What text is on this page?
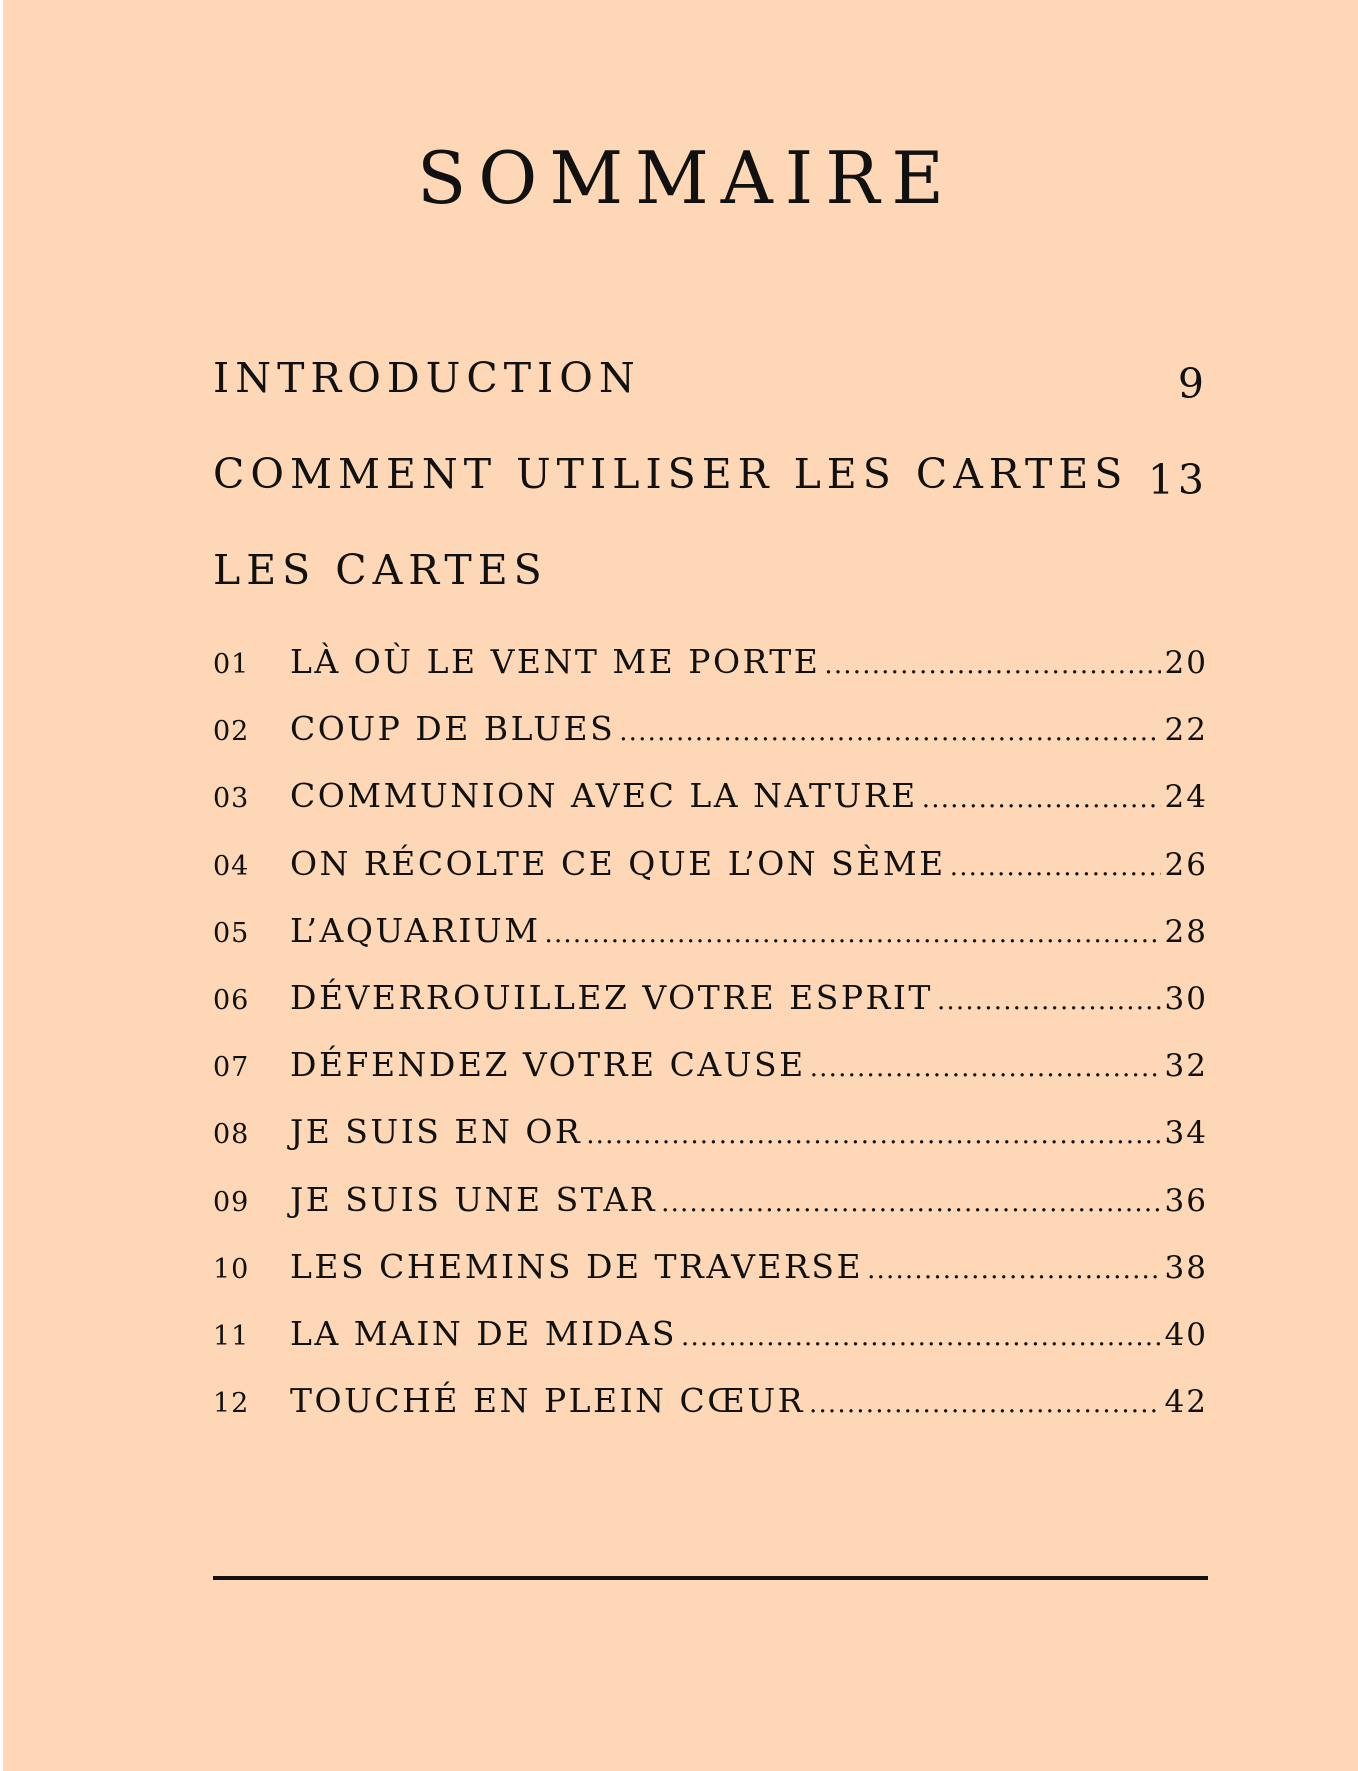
SOMMAIRE
INTRODUCTION	9
COMMENT UTILISER LES CARTES 13
LES CARTES
01	LÀ OÙ LE VENT ME PORTE .....	20
02	COUP DE BLUES .....	22
03	COMMUNION AVEC LA NATURE .....	24
04	ON RÉCOLTE CE QUE L’ON SÈME .....	26
05	L’AQUARIUM .....	28
06	DÉVERROUILLEZ VOTRE ESPRIT .....	30
07	DÉFENDEZ VOTRE CAUSE .....	32
08	JE SUIS EN OR .....	34
09	JE SUIS UNE STAR .....	36
10	LES CHEMINS DE TRAVERSE .....	38
11	LA MAIN DE MIDAS .....	40
12	TOUCHÉ EN PLEIN CŒUR .....	42
